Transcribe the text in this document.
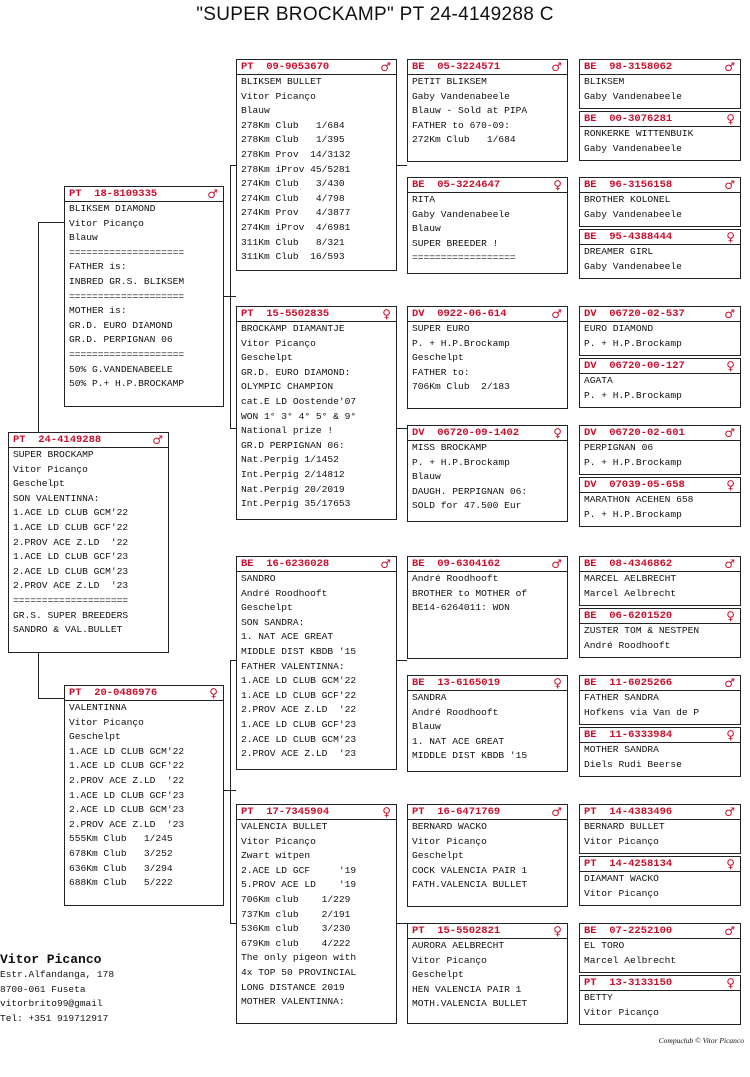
"SUPER BROCKAMP" PT 24-4149288 C
PT  24-4149288	♂
SUPER BROCKAMP
Vitor Picanço
Geschelpt
SON VALENTINNA:
1.ACE LD CLUB GCM'22
1.ACE LD CLUB GCF'22
2.PROV ACE Z.LD  '22
1.ACE LD CLUB GCF'23
2.ACE LD CLUB GCM'23
2.PROV ACE Z.LD  '23
====================
GR.S. SUPER BREEDERS
SANDRO & VAL.BULLET
PT  18-8109335	♂
BLIKSEM DIAMOND
Vitor Picanço
Blauw
====================
FATHER is:
INBRED GR.S. BLIKSEM
====================
MOTHER is:
GR.D. EURO DIAMOND
GR.D. PERPIGNAN 06
====================
50% G.VANDENABEELE
50% P.+ H.P.BROCKAMP
PT  20-0486976	♀
VALENTINNA
Vitor Picanço
Geschelpt
1.ACE LD CLUB GCM'22
1.ACE LD CLUB GCF'22
2.PROV ACE Z.LD  '22
1.ACE LD CLUB GCF'23
2.ACE LD CLUB GCM'23
2.PROV ACE Z.LD  '23
555Km Club   1/245
678Km Club   3/252
636Km Club   3/294
688Km Club   5/222
PT  09-9053670	♂
BLIKSEM BULLET
Vitor Picanço
Blauw
278Km Club   1/684
278Km Club   1/395
278Km Prov  14/3132
278Km iProv 45/5281
274Km Club   3/430
274Km Club   4/798
274Km Prov   4/3877
274Km iProv  4/6981
311Km Club   8/321
311Km Club  16/593
PT  15-5502835	♀
BROCKAMP DIAMANTJE
Vitor Picanço
Geschelpt
GR.D. EURO DIAMOND:
OLYMPIC CHAMPION
cat.E LD Oostende'07
WON 1° 3° 4° 5° & 9°
National prize !
GR.D PERPIGNAN 06:
Nat.Perpig 1/1452
Int.Perpig 2/14812
Nat.Perpig 20/2019
Int.Perpig 35/17653
BE  16-6236028	♂
SANDRO
André Roodhooft
Geschelpt
SON SANDRA:
1. NAT ACE GREAT
MIDDLE DIST KBDB '15
FATHER VALENTINNA:
1.ACE LD CLUB GCM'22
1.ACE LD CLUB GCF'22
2.PROV ACE Z.LD  '22
1.ACE LD CLUB GCF'23
2.ACE LD CLUB GCM'23
2.PROV ACE Z.LD  '23
PT  17-7345904	♀
VALENCIA BULLET
Vitor Picanço
Zwart witpen
2.ACE LD GCF     '19
5.PROV ACE LD    '19
706Km club    1/229
737Km club    2/191
536Km club    3/230
679Km club    4/222
The only pigeon with
4x TOP 50 PROVINCIAL
LONG DISTANCE 2019
MOTHER VALENTINNA:
BE  05-3224571	♂
PETIT BLIKSEM
Gaby Vandenabeele
Blauw - Sold at PIPA
FATHER to 670-09:
272Km Club   1/684
BE  05-3224647	♀
RITA
Gaby Vandenabeele
Blauw
SUPER BREEDER !
==================
DV  0922-06-614	♂
SUPER EURO
P. + H.P.Brockamp
Geschelpt
FATHER to:
706Km Club  2/183
DV  06720-09-1402	♀
MISS BROCKAMP
P. + H.P.Brockamp
Blauw
DAUGH. PERPIGNAN 06:
SOLD for 47.500 Eur
BE  09-6304162	♂
André Roodhooft
BROTHER to MOTHER of
BE14-6264011: WON
BE  13-6165019	♀
SANDRA
André Roodhooft
Blauw
1. NAT ACE GREAT
MIDDLE DIST KBDB '15
PT  16-6471769	♂
BERNARD WACKO
Vitor Picanço
Geschelpt
COCK VALENCIA PAIR 1
FATH.VALENCIA BULLET
PT  15-5502821	♀
AURORA AELBRECHT
Vitor Picanço
Geschelpt
HEN VALENCIA PAIR 1
MOTH.VALENCIA BULLET
BE  98-3158062	♂
BLIKSEM
Gaby Vandenabeele
BE  00-3076281	♀
RONKERKE WITTENBUIK
Gaby Vandenabeele
BE  96-3156158	♂
BROTHER KOLONEL
Gaby Vandenabeele
BE  95-4388444	♀
DREAMER GIRL
Gaby Vandenabeele
DV  06720-02-537	♂
EURO DIAMOND
P. + H.P.Brockamp
DV  06720-00-127	♀
AGATA
P. + H.P.Brockamp
DV  06720-02-601	♂
PERPIGNAN 06
P. + H.P.Brockamp
DV  07039-05-658	♀
MARATHON ACEHEN 658
P. + H.P.Brockamp
BE  08-4346862	♂
MARCEL AELBRECHT
Marcel Aelbrecht
BE  06-6201520	♀
ZUSTER TOM & NESTPEN
André Roodhooft
BE  11-6025266	♂
FATHER SANDRA
Hofkens via Van de P
BE  11-6333984	♀
MOTHER SANDRA
Diels Rudi Beerse
PT  14-4383496	♂
BERNARD BULLET
Vitor Picanço
PT  14-4258134	♀
DIAMANT WACKO
Vitor Picanço
BE  07-2252100	♂
EL TORO
Marcel Aelbrecht
PT  13-3133150	♀
BETTY
Vitor Picanço
Vitor Picanco
Estr.Alfandanga, 178
8700-061 Fuseta
vitorbrito99@gmail
Tel: +351 919712917
Compuclub © Vitor Picanco
